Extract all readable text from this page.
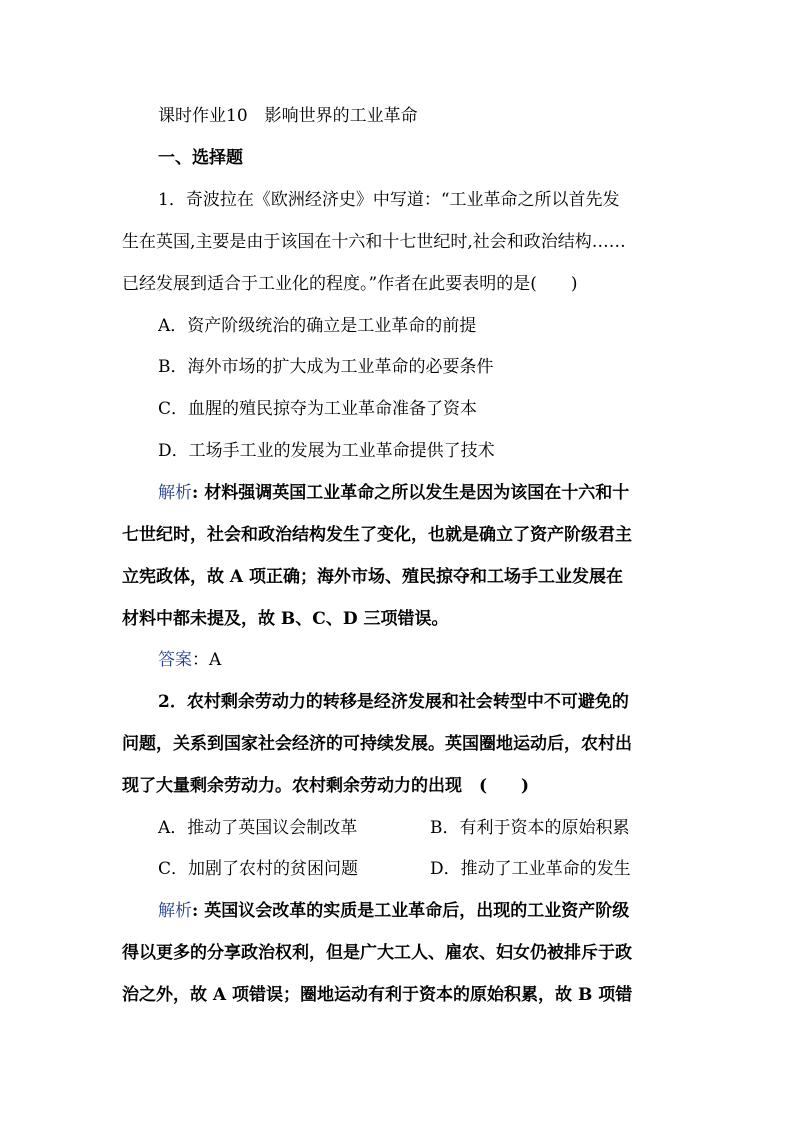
课时作业10　影响世界的工业革命
一、选择题
1．奇波拉在《欧洲经济史》中写道：“工业革命之所以首先发
生在英国,主要是由于该国在十六和十七世纪时,社会和政治结构……
已经发展到适合于工业化的程度。”作者在此要表明的是(　　)
A．资产阶级统治的确立是工业革命的前提
B．海外市场的扩大成为工业革命的必要条件
C．血腥的殖民掠夺为工业革命准备了资本
D．工场手工业的发展为工业革命提供了技术
解析: 材料强调英国工业革命之所以发生是因为该国在十六和十
七世纪时，社会和政治结构发生了变化，也就是确立了资产阶级君主
立宪政体，故 A 项正确；海外市场、殖民掠夺和工场手工业发展在
材料中都未提及，故 B、C、D 三项错误。
答案：A
2．农村剩余劳动力的转移是经济发展和社会转型中不可避免的
问题，关系到国家社会经济的可持续发展。英国圈地运动后，农村出
现了大量剩余劳动力。农村剩余劳动力的出现　(　　)
A．推动了英国议会制改革	B．有利于资本的原始积累
C．加剧了农村的贫困问题	D．推动了工业革命的发生
解析: 英国议会改革的实质是工业革命后，出现的工业资产阶级
得以更多的分享政治权利，但是广大工人、雇农、妇女仍被排斥于政
治之外，故 A 项错误；圈地运动有利于资本的原始积累，故 B 项错
